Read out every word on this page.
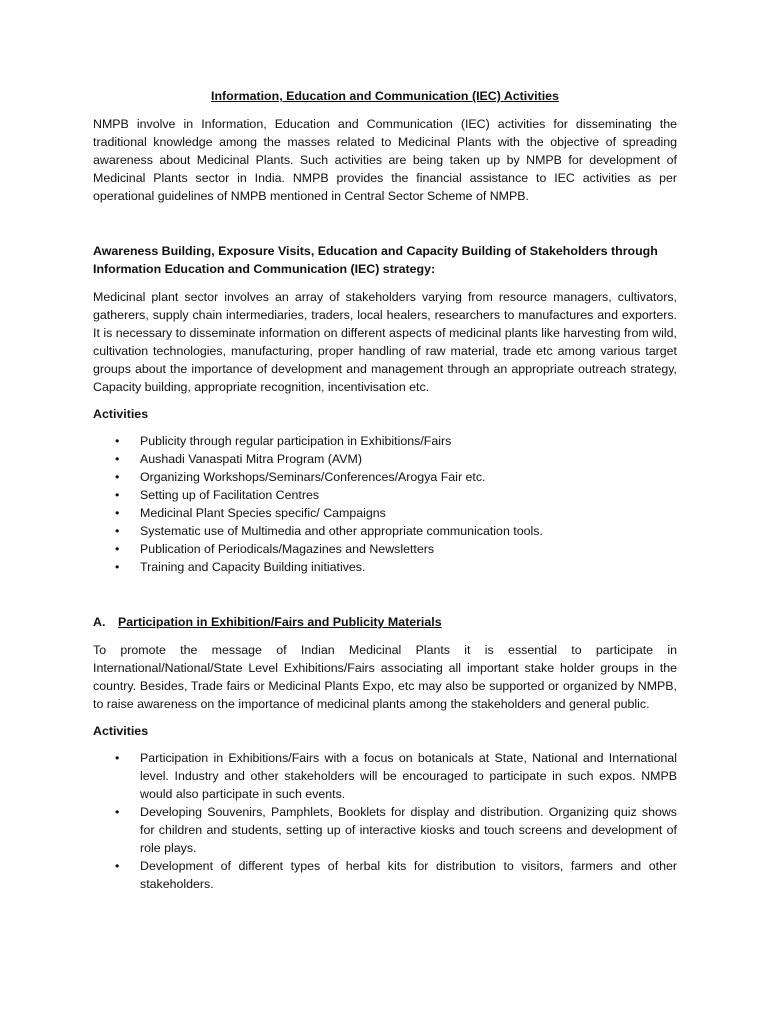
Information, Education and Communication (IEC) Activities

NMPB involve in Information, Education and Communication (IEC) activities for disseminating the traditional knowledge among the masses related to Medicinal Plants with the objective of spreading awareness about Medicinal Plants. Such activities are being taken up by NMPB for development of Medicinal Plants sector in India. NMPB provides the financial assistance to IEC activities as per operational guidelines of NMPB mentioned in Central Sector Scheme of NMPB.

Awareness Building, Exposure Visits, Education and Capacity Building of Stakeholders through Information Education and Communication (IEC) strategy:

Medicinal plant sector involves an array of stakeholders varying from resource managers, cultivators, gatherers, supply chain intermediaries, traders, local healers, researchers to manufactures and exporters. It is necessary to disseminate information on different aspects of medicinal plants like harvesting from wild, cultivation technologies, manufacturing, proper handling of raw material, trade etc among various target groups about the importance of development and management through an appropriate outreach strategy, Capacity building, appropriate recognition, incentivisation etc.

Activities
• Publicity through regular participation in Exhibitions/Fairs
• Aushadi Vanaspati Mitra Program (AVM)
• Organizing Workshops/Seminars/Conferences/Arogya Fair etc.
• Setting up of Facilitation Centres
• Medicinal Plant Species specific/ Campaigns
• Systematic use of Multimedia and other appropriate communication tools.
• Publication of Periodicals/Magazines and Newsletters
• Training and Capacity Building initiatives.
A. Participation in Exhibition/Fairs and Publicity Materials

To promote the message of Indian Medicinal Plants it is essential to participate in International/National/State Level Exhibitions/Fairs associating all important stake holder groups in the country. Besides, Trade fairs or Medicinal Plants Expo, etc may also be supported or organized by NMPB, to raise awareness on the importance of medicinal plants among the stakeholders and general public.

Activities
• Participation in Exhibitions/Fairs with a focus on botanicals at State, National and International level. Industry and other stakeholders will be encouraged to participate in such expos. NMPB would also participate in such events.
• Developing Souvenirs, Pamphlets, Booklets for display and distribution. Organizing quiz shows for children and students, setting up of interactive kiosks and touch screens and development of role plays.
• Development of different types of herbal kits for distribution to visitors, farmers and other stakeholders.
